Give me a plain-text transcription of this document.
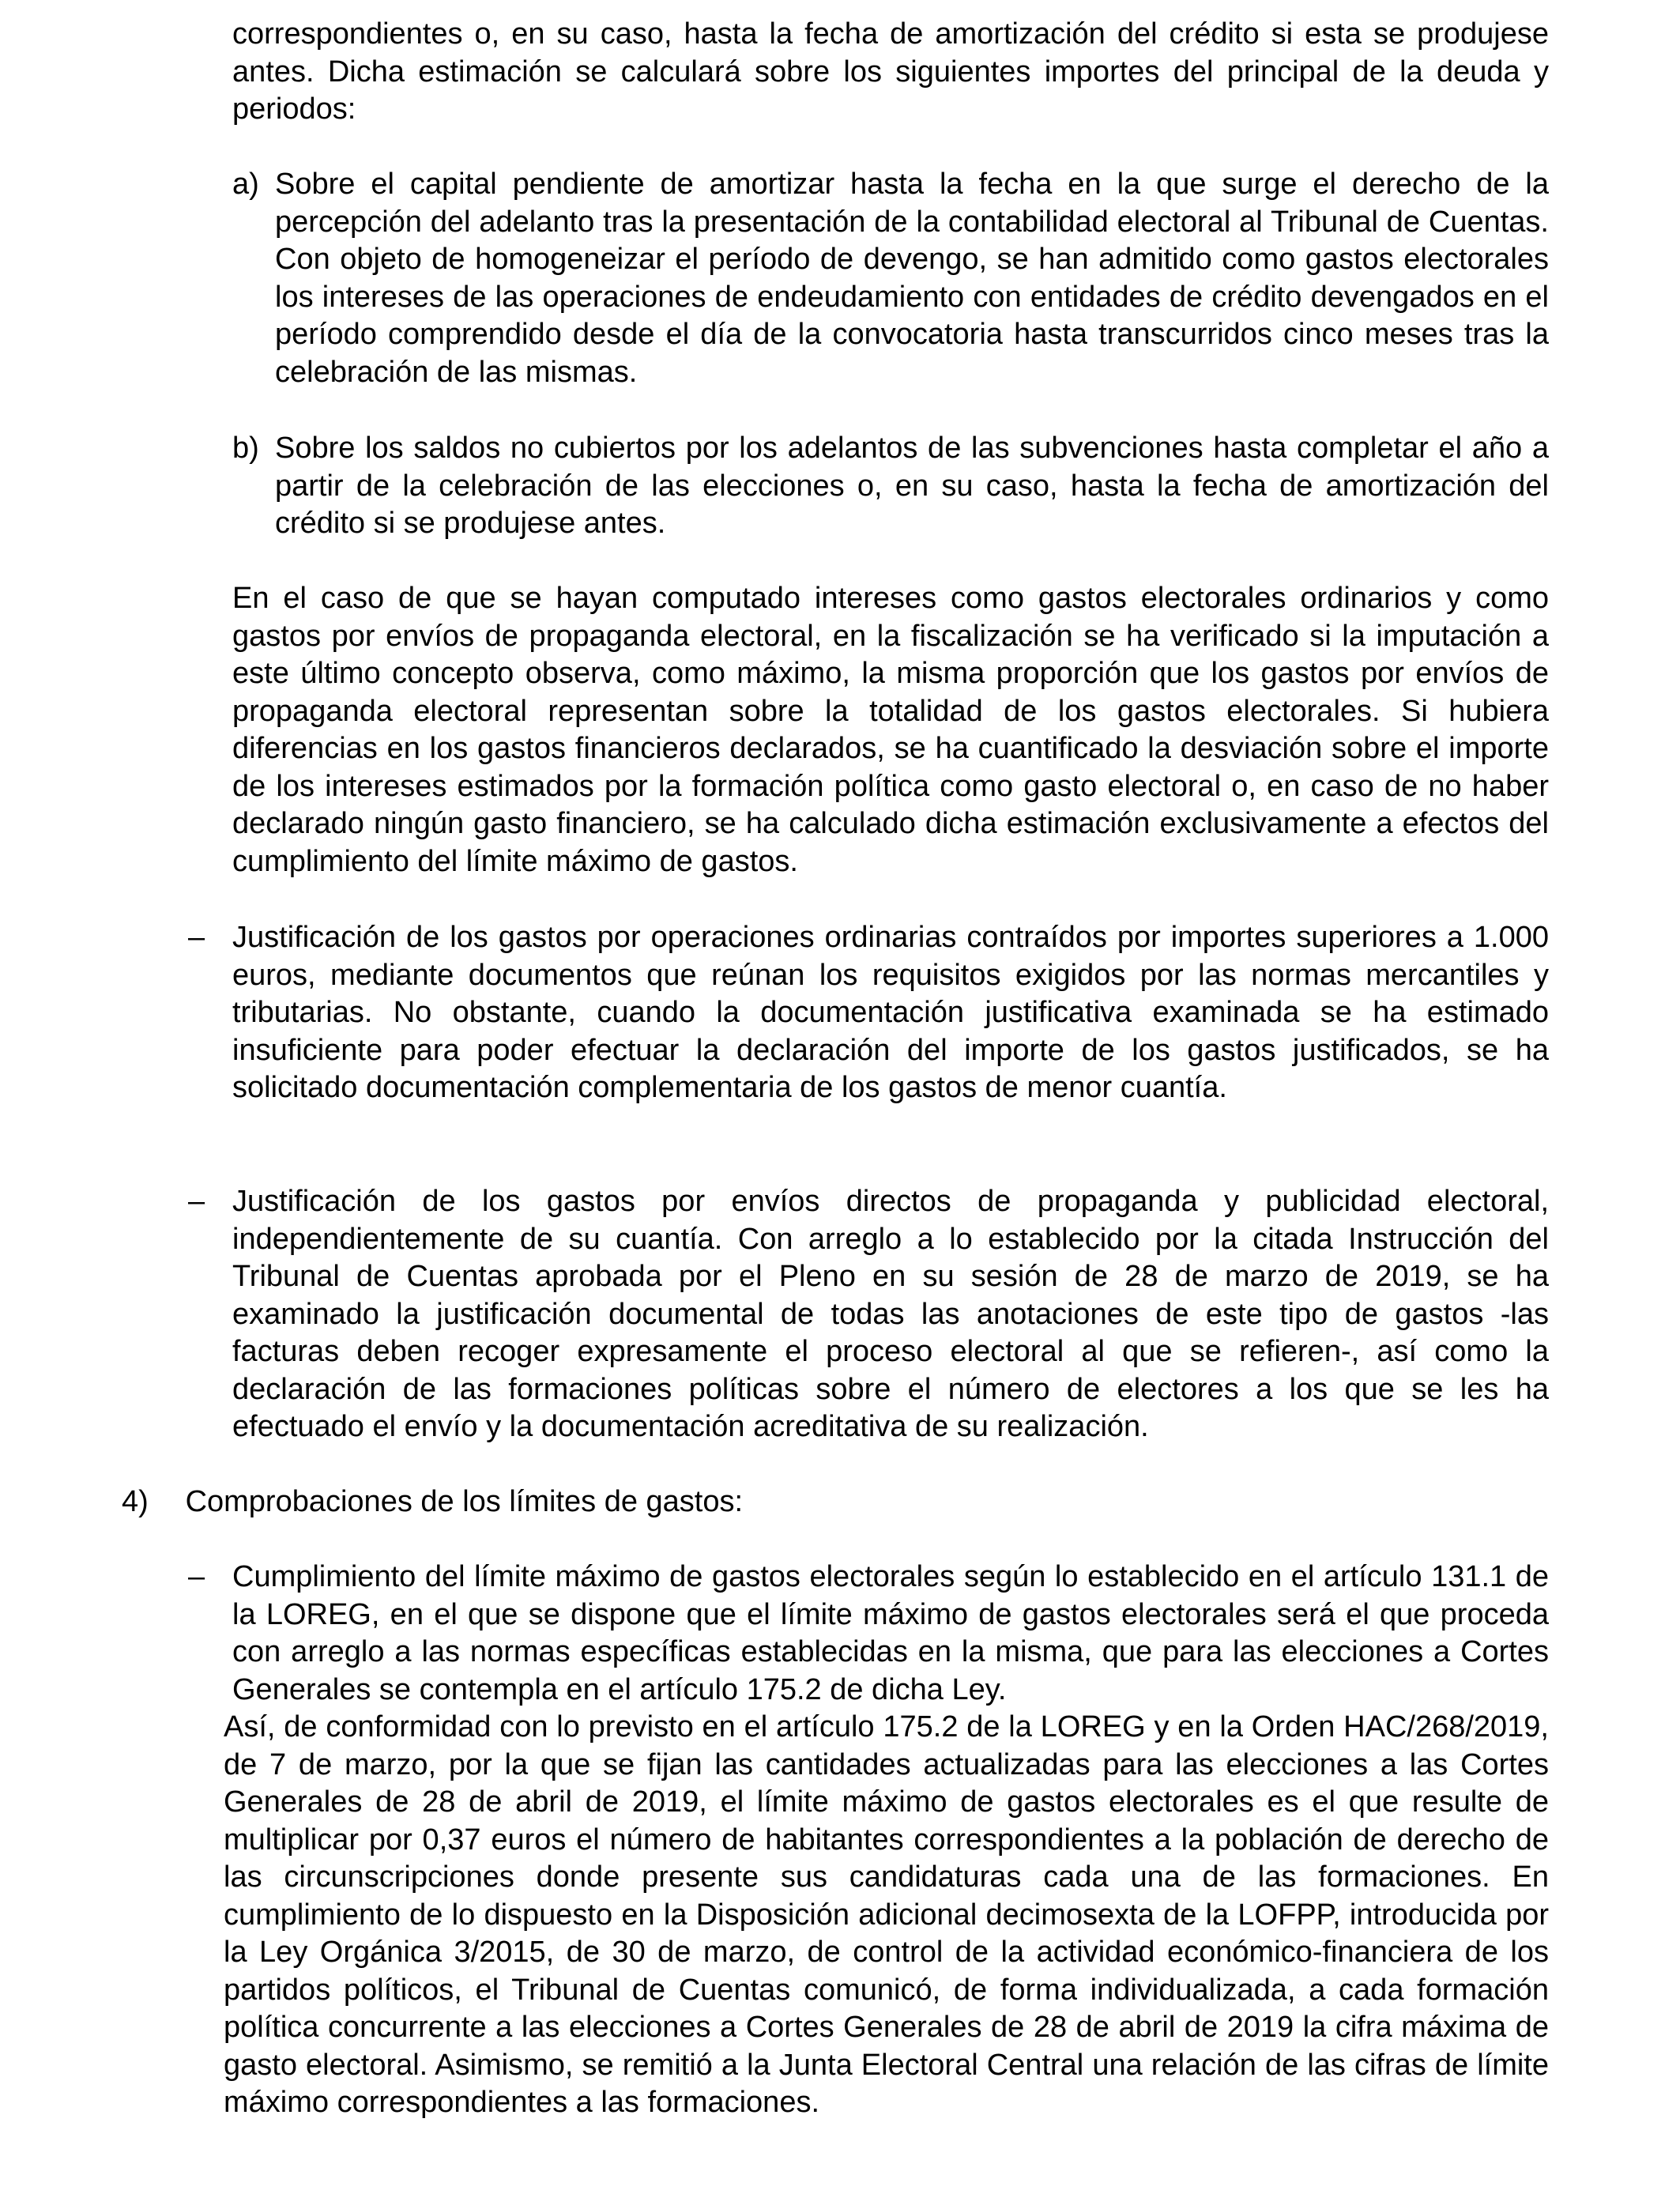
correspondientes o, en su caso, hasta la fecha de amortización del crédito si esta se produjese antes. Dicha estimación se calculará sobre los siguientes importes del principal de la deuda y periodos:

a) Sobre el capital pendiente de amortizar hasta la fecha en la que surge el derecho de la percepción del adelanto tras la presentación de la contabilidad electoral al Tribunal de Cuentas. Con objeto de homogeneizar el período de devengo, se han admitido como gastos electorales los intereses de las operaciones de endeudamiento con entidades de crédito devengados en el período comprendido desde el día de la convocatoria hasta transcurridos cinco meses tras la celebración de las mismas.
b) Sobre los saldos no cubiertos por los adelantos de las subvenciones hasta completar el año a partir de la celebración de las elecciones o, en su caso, hasta la fecha de amortización del crédito si se produjese antes.

En el caso de que se hayan computado intereses como gastos electorales ordinarios y como gastos por envíos de propaganda electoral, en la fiscalización se ha verificado si la imputación a este último concepto observa, como máximo, la misma proporción que los gastos por envíos de propaganda electoral representan sobre la totalidad de los gastos electorales. Si hubiera diferencias en los gastos financieros declarados, se ha cuantificado la desviación sobre el importe de los intereses estimados por la formación política como gasto electoral o, en caso de no haber declarado ningún gasto financiero, se ha calculado dicha estimación exclusivamente a efectos del cumplimiento del límite máximo de gastos.

– Justificación de los gastos por operaciones ordinarias contraídos por importes superiores a 1.000 euros, mediante documentos que reúnan los requisitos exigidos por las normas mercantiles y tributarias. No obstante, cuando la documentación justificativa examinada se ha estimado insuficiente para poder efectuar la declaración del importe de los gastos justificados, se ha solicitado documentación complementaria de los gastos de menor cuantía.
– Justificación de los gastos por envíos directos de propaganda y publicidad electoral, independientemente de su cuantía. Con arreglo a lo establecido por la citada Instrucción del Tribunal de Cuentas aprobada por el Pleno en su sesión de 28 de marzo de 2019, se ha examinado la justificación documental de todas las anotaciones de este tipo de gastos -las facturas deben recoger expresamente el proceso electoral al que se refieren-, así como la declaración de las formaciones políticas sobre el número de electores a los que se les ha efectuado el envío y la documentación acreditativa de su realización.
4) Comprobaciones de los límites de gastos:
– Cumplimiento del límite máximo de gastos electorales según lo establecido en el artículo 131.1 de la LOREG, en el que se dispone que el límite máximo de gastos electorales será el que proceda con arreglo a las normas específicas establecidas en la misma, que para las elecciones a Cortes Generales se contempla en el artículo 175.2 de dicha Ley.

Así, de conformidad con lo previsto en el artículo 175.2 de la LOREG y en la Orden HAC/268/2019, de 7 de marzo, por la que se fijan las cantidades actualizadas para las elecciones a las Cortes Generales de 28 de abril de 2019, el límite máximo de gastos electorales es el que resulte de multiplicar por 0,37 euros el número de habitantes correspondientes a la población de derecho de las circunscripciones donde presente sus candidaturas cada una de las formaciones. En cumplimiento de lo dispuesto en la Disposición adicional decimosexta de la LOFPP, introducida por la Ley Orgánica 3/2015, de 30 de marzo, de control de la actividad económico-financiera de los partidos políticos, el Tribunal de Cuentas comunicó, de forma individualizada, a cada formación política concurrente a las elecciones a Cortes Generales de 28 de abril de 2019 la cifra máxima de gasto electoral. Asimismo, se remitió a la Junta Electoral Central una relación de las cifras de límite máximo correspondientes a las formaciones.
